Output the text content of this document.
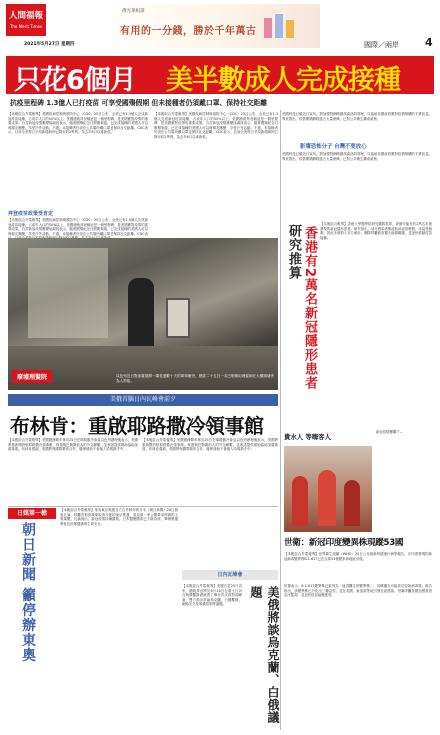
人間福報
The Merit Times
佛光菜根譚
有用的一分錢，勝於千年萬古
2021年5月27日 星期四	國際／兩岸 4
只花6個月 美半數成人完成接種
抗疫里程碑 1.3億人已打疫苗 可享受國殤假期 但未接種者仍須戴口罩、保持社交距離
【本報綜合外電報導】美國疾病控制與預防中心（CDC）25日公布，全美已有1.3億人完成新冠疫苗接種，占成年人口的50%以上。美國總統拜登稱這是一個里程碑，是美國應對疫情的重要成果。白宮新冠疫情應變協調員表示，隨著國殤紀念日假期來臨，已完成接種的美國人可以與親友團聚，享受戶外活動。不過，未接種者仍須在公共場所戴口罩並保持社交距離。CDC表示，目前全美每日平均新增病例已降至約2萬例，為去年6月以來新低。
拜登疫苗政策受肯定
【本報綜合外電報導】美國疾病控制與預防中心（CDC）25日公布，全美已有1.3億人完成新冠疫苗接種，占成年人口的50%以上。美國總統拜登稱這是一個里程碑，是美國應對疫情的重要成果。白宮新冠疫情應變協調員表示，隨著國殤紀念日假期來臨，已完成接種的美國人可以與親友團聚，享受戶外活動。不過，未接種者仍須在公共場所戴口罩並保持社交距離。CDC表
【本報綜合外電報導】美國疾病控制與預防中心（CDC）25日公布，全美已有1.3億人完成新冠疫苗接種，占成年人口的50%以上。美國總統拜登稱這是一個里程碑，是美國應對疫情的重要成果。白宮新冠疫情應變協調員表示，隨著國殤紀念日假期來臨，已完成接種的美國人可以與親友團聚，享受戶外活動。不過，未接種者仍須在公共場所戴口罩並保持社交距離。CDC表示，目前全美每日平均新增病例已降至約2萬例，為去年6月以來新低。
廢墟理髮院	以色列近日對加薩展開一場長達數十天的軍事衝突，歷經二十五日一名巴勒斯坦理髮師在大樓廢墟旁為人剪髮。
美國科技巨頭近日宣布，將加強對網路錯誤資訊的管理，以協助各國政府應對疫情相關的不實訊息。專家指出，疫情期間網路謠言大量流傳，已對公共衛生構成威脅。
影壇恐怖分子 台灣不要放心
美國科技巨頭近日宣布，將加強對網路錯誤資訊的管理，以協助各國政府應對疫情相關的不實訊息。專家指出，疫情期間網路謠言大量流傳，已對公共衛生構成威脅。
研究推算 香港有2萬名新冠隱形患者
【本報綜合報導】香港大學醫學院研究團隊推算，香港可能有約2萬名未被發現的新冠隱形患者。研究指出，部分感染者無症狀或症狀輕微，未接受檢測，因此未被納入官方統計。團隊呼籲政府擴大檢測範圍，並加快推動疫苗接種。
美俄首腦日內瓦峰會前夕
布林肯：重啟耶路撒冷領事館
【本報綜合外電報導】美國國務卿布林肯25日在耶路撒冷會見以色列總理後表示，美國將重新開設駐耶路撒冷領事館，恢復與巴勒斯坦人的外交聯繫，並承諾提供援助協助加薩重建。布林肯強調，美國將與國際夥伴合作，確保援助不會落入哈瑪斯手中。
【本報綜合外電報導】美國國務卿布林肯25日在耶路撒冷會見以色列總理後表示，美國將重新開設駐耶路撒冷領事館，恢復與巴勒斯坦人的外交聯繫，並承諾提供援助協助加薩重建。布林肯強調，美國將與國際夥伴合作，確保援助不會落入哈瑪斯手中。
日媒第一槍
朝日新聞 籲停辦東奧
【本報綜合外電報導】身為東京奧運官方合作夥伴的日本《朝日新聞》26日發表社論，呼籲首相菅義偉取消今夏的東京奧運，成為第一家公開要求停辦的主要媒體。社論指出，新冠疫情持續擴散，日本醫療體系已不堪負荷，舉辦奧運將危及民眾健康與生命安全。
日內瓦峰會
【本報綜合外電報導】美國白宮25日宣布，總統拜登將於6月16日在瑞士日內瓦與俄羅斯總統普丁舉行首次面對面峰會，雙方預計討論烏克蘭、白俄羅斯、網路安全及軍備控制等議題。	美俄將談烏克蘭、白俄議題
貴水人 等嗨客人
新冠疫情衝擊下...
世衛：新冠印度變異株現蹤53國
【本報綜合外電報導】世界衛生組織（WHO）25日公布最新每週流行病學報告，在印度發現的新冠病毒變異株B.1.617已在全球53個國家和地區出現。
世衛表示，B.1.617變異株已被列為「值得關注的變異株」，其傳播力可能高於原始病毒株。報告指出，該變異株已分化出三種亞型，並在英國、新加坡等地引發社區感染。世衛呼籲各國加強基因定序監測，並加快疫苗接種進度。
